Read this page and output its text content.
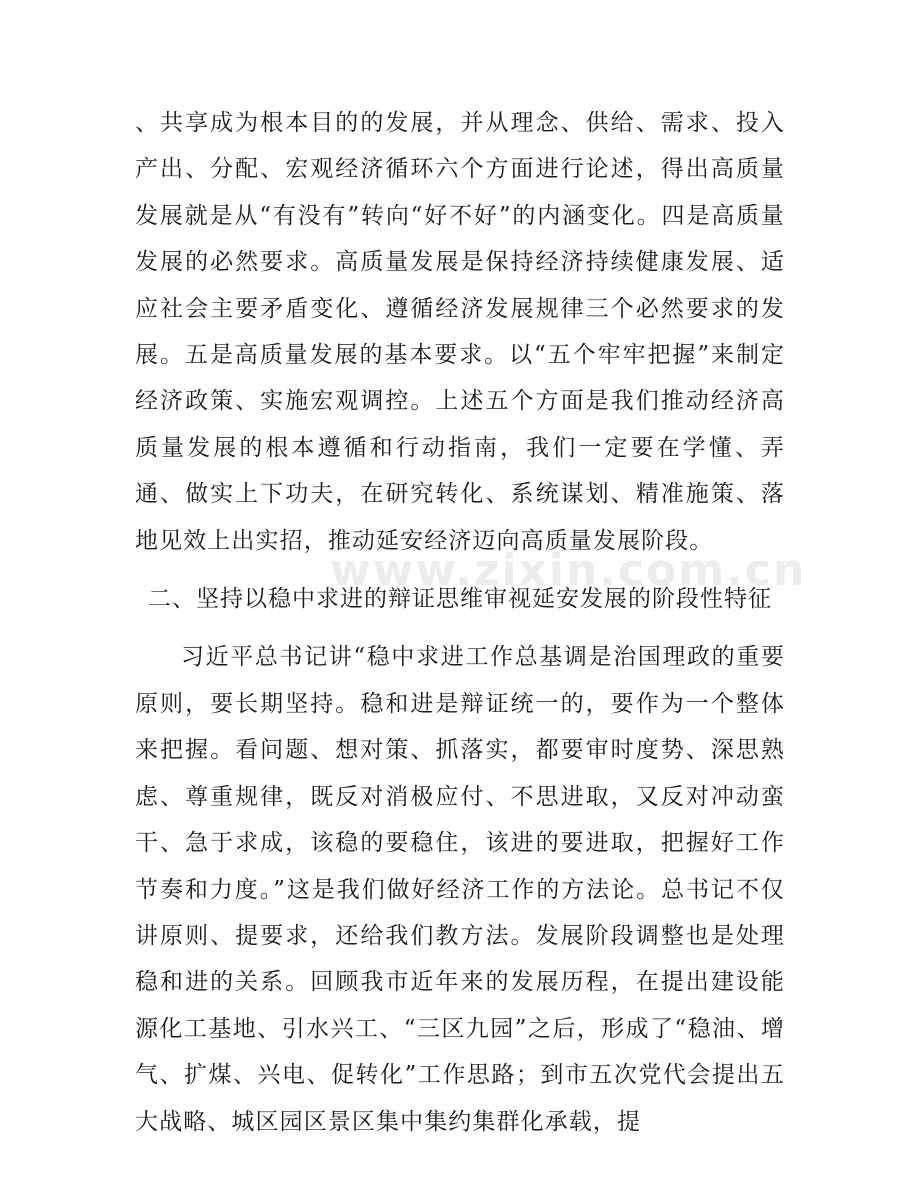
、共享成为根本目的的发展，并从理念、供给、需求、投入产出、分配、宏观经济循环六个方面进行论述，得出高质量发展就是从“有没有”转向“好不好”的内涵变化。四是高质量发展的必然要求。高质量发展是保持经济持续健康发展、适应社会主要矛盾变化、遵循经济发展规律三个必然要求的发展。五是高质量发展的基本要求。以“五个牢牢把握”来制定经济政策、实施宏观调控。上述五个方面是我们推动经济高质量发展的根本遵循和行动指南，我们一定要在学懂、弄通、做实上下功夫，在研究转化、系统谋划、精准施策、落地见效上出实招，推动延安经济迈向高质量发展阶段。

二、坚持以稳中求进的辩证思维审视延安发展的阶段性特征

习近平总书记讲“稳中求进工作总基调是治国理政的重要原则，要长期坚持。稳和进是辩证统一的，要作为一个整体来把握。看问题、想对策、抓落实，都要审时度势、深思熟虑、尊重规律，既反对消极应付、不思进取，又反对冲动蛮干、急于求成，该稳的要稳住，该进的要进取，把握好工作节奏和力度。”这是我们做好经济工作的方法论。总书记不仅讲原则、提要求，还给我们教方法。发展阶段调整也是处理稳和进的关系。回顾我市近年来的发展历程，在提出建设能源化工基地、引水兴工、“三区九园”之后，形成了“稳油、增气、扩煤、兴电、促转化”工作思路；到市五次党代会提出五大战略、城区园区景区集中集约集群化承载，提

www.zixin.com.cn
